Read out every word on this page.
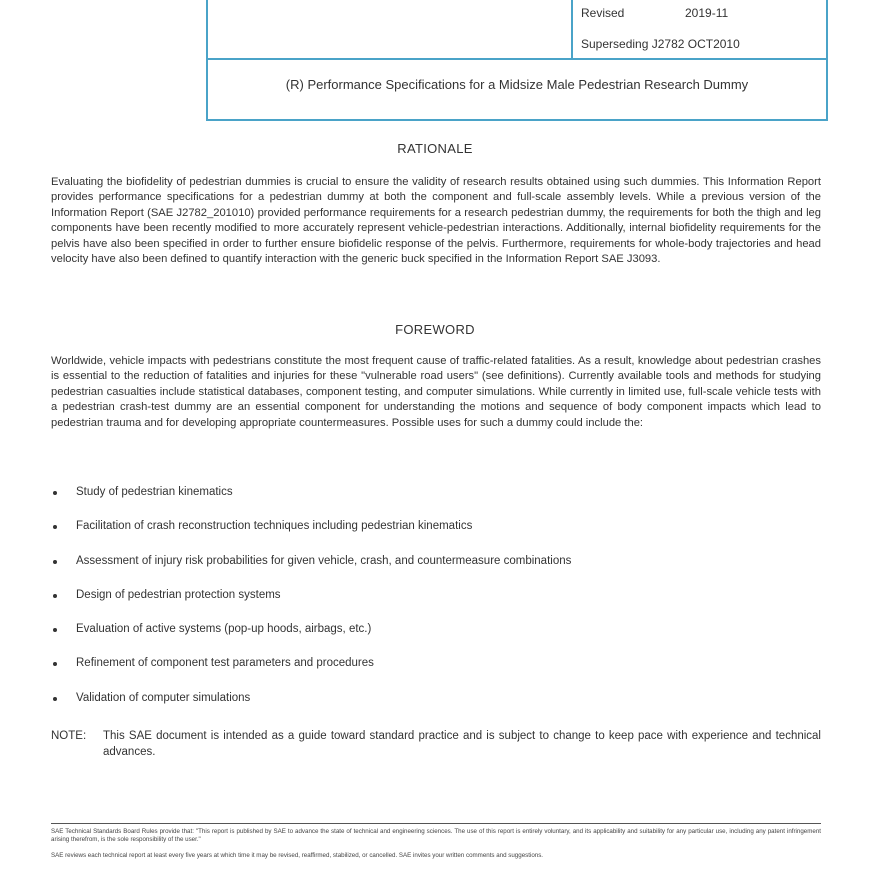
Revised	2019-11
Superseding J2782 OCT2010
(R) Performance Specifications for a Midsize Male Pedestrian Research Dummy
RATIONALE
Evaluating the biofidelity of pedestrian dummies is crucial to ensure the validity of research results obtained using such dummies. This Information Report provides performance specifications for a pedestrian dummy at both the component and full-scale assembly levels. While a previous version of the Information Report (SAE J2782_201010) provided performance requirements for a research pedestrian dummy, the requirements for both the thigh and leg components have been recently modified to more accurately represent vehicle-pedestrian interactions. Additionally, internal biofidelity requirements for the pelvis have also been specified in order to further ensure biofidelic response of the pelvis. Furthermore, requirements for whole-body trajectories and head velocity have also been defined to quantify interaction with the generic buck specified in the Information Report SAE J3093.
FOREWORD
Worldwide, vehicle impacts with pedestrians constitute the most frequent cause of traffic-related fatalities. As a result, knowledge about pedestrian crashes is essential to the reduction of fatalities and injuries for these "vulnerable road users" (see definitions). Currently available tools and methods for studying pedestrian casualties include statistical databases, component testing, and computer simulations. While currently in limited use, full-scale vehicle tests with a pedestrian crash-test dummy are an essential component for understanding the motions and sequence of body component impacts which lead to pedestrian trauma and for developing appropriate countermeasures. Possible uses for such a dummy could include the:
Study of pedestrian kinematics
Facilitation of crash reconstruction techniques including pedestrian kinematics
Assessment of injury risk probabilities for given vehicle, crash, and countermeasure combinations
Design of pedestrian protection systems
Evaluation of active systems (pop-up hoods, airbags, etc.)
Refinement of component test parameters and procedures
Validation of computer simulations
NOTE: This SAE document is intended as a guide toward standard practice and is subject to change to keep pace with experience and technical advances.
SAE Technical Standards Board Rules provide that: "This report is published by SAE to advance the state of technical and engineering sciences. The use of this report is entirely voluntary, and its applicability and suitability for any particular use, including any patent infringement arising therefrom, is the sole responsibility of the user."
SAE reviews each technical report at least every five years at which time it may be revised, reaffirmed, stabilized, or cancelled. SAE invites your written comments and suggestions.
